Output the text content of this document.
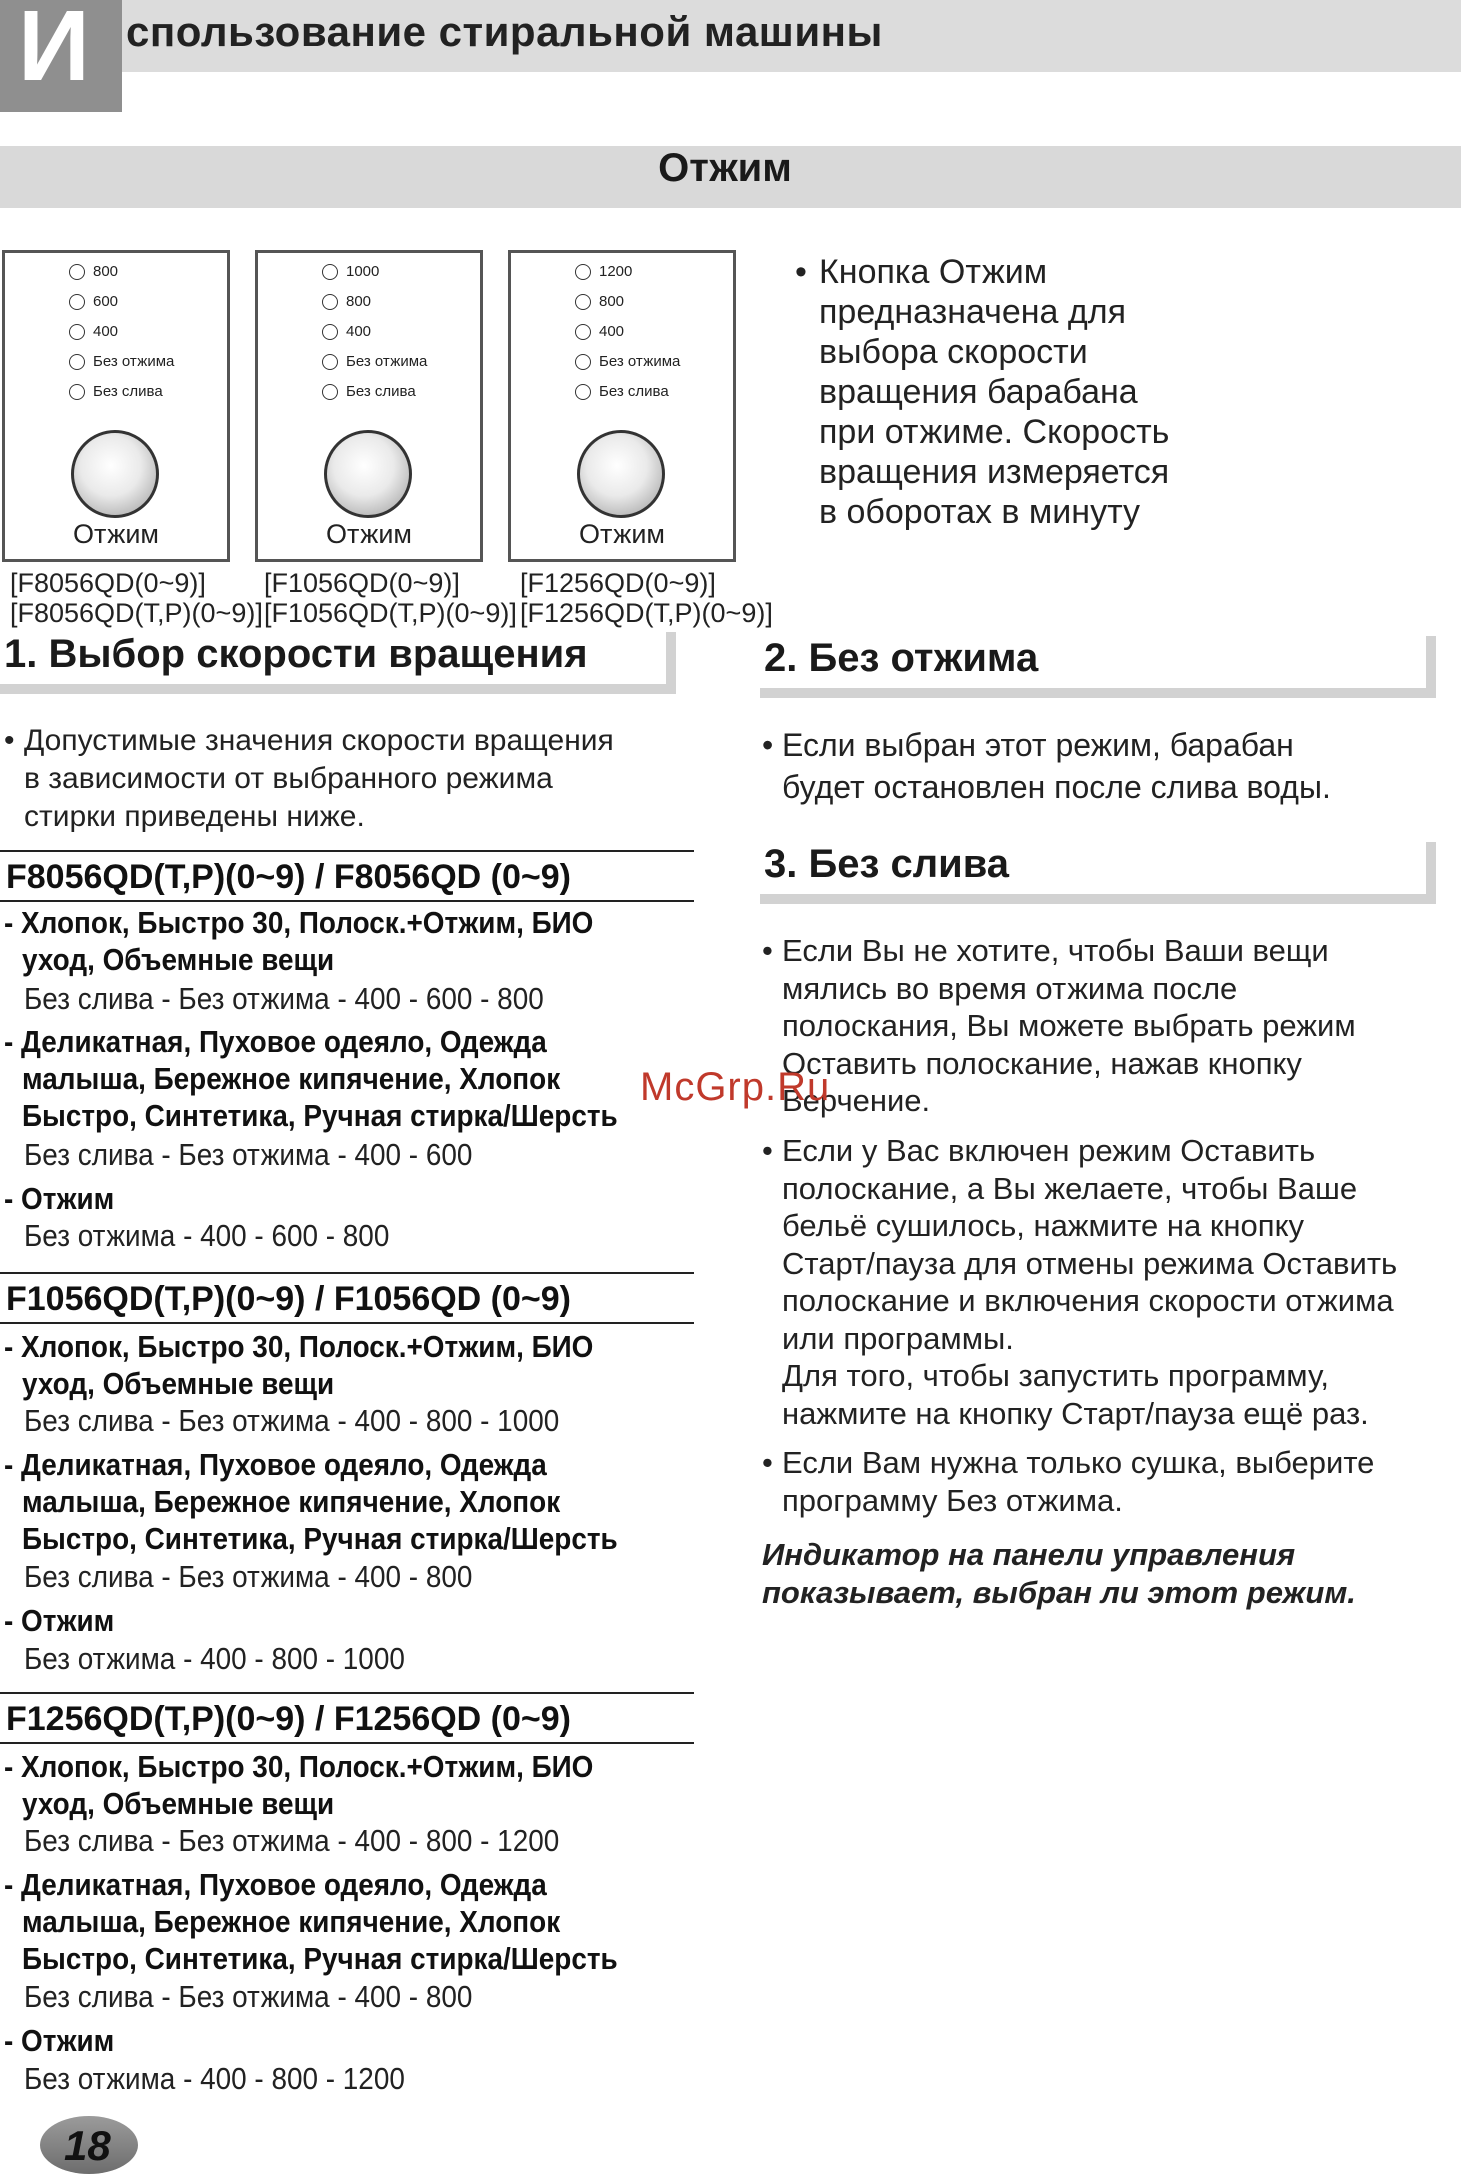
И спользование стиральной машины
Отжим
800
600
400
Без отжима
Без слива
Отжим
1000
800
400
Без отжима
Без слива
Отжим
1200
800
400
Без отжима
Без слива
Отжим
[F8056QD(0~9)]
[F8056QD(T,P)(0~9)]
[F1056QD(0~9)]
[F1056QD(T,P)(0~9)]
[F1256QD(0~9)]
[F1256QD(T,P)(0~9)]
• Кнопка Отжим
предназначена для
выбора скорости
вращения барабана
при отжиме. Скорость
вращения измеряется
в оборотах в минуту
1. Выбор скорости вращения
• Допустимые значения скорости вращения
в зависимости от выбранного режима
стирки приведены ниже.
F8056QD(T,P)(0~9) / F8056QD (0~9)
- Хлопок, Быстро 30, Полоск.+Отжим, БИО
уход, Объемные вещи
Без слива - Без отжима - 400 - 600 - 800
- Деликатная, Пуховое одеяло, Одежда
малыша, Бережное кипячение, Хлопок
Быстро, Синтетика, Ручная стирка/Шерсть
Без слива - Без отжима - 400 - 600
- Отжим
Без отжима - 400 - 600 - 800
F1056QD(T,P)(0~9) / F1056QD (0~9)
- Хлопок, Быстро 30, Полоск.+Отжим, БИО
уход, Объемные вещи
Без слива - Без отжима - 400 - 800 - 1000
- Деликатная, Пуховое одеяло, Одежда
малыша, Бережное кипячение, Хлопок
Быстро, Синтетика, Ручная стирка/Шерсть
Без слива - Без отжима - 400 - 800
- Отжим
Без отжима - 400 - 800 - 1000
F1256QD(T,P)(0~9) / F1256QD (0~9)
- Хлопок, Быстро 30, Полоск.+Отжим, БИО
уход, Объемные вещи
Без слива - Без отжима - 400 - 800 - 1200
- Деликатная, Пуховое одеяло, Одежда
малыша, Бережное кипячение, Хлопок
Быстро, Синтетика, Ручная стирка/Шерсть
Без слива - Без отжима - 400 - 800
- Отжим
Без отжима - 400 - 800 - 1200
2. Без отжима
• Если выбран этот режим, барабан
будет остановлен после слива воды.
3. Без слива
• Если Вы не хотите, чтобы Ваши вещи
мялись во время отжима после
полоскания, Вы можете выбрать режим
Оставить полоскание, нажав кнопку
Верчение.
• Если у Вас включен режим Оставить
полоскание, а Вы желаете, чтобы Ваше
бельё сушилось, нажмите на кнопку
Старт/пауза для отмены режима Оставить
полоскание и включения скорости отжима
или программы.
Для того, чтобы запустить программу,
нажмите на кнопку Старт/пауза ещё раз.
• Если Вам нужна только сушка, выберите
программу Без отжима.
Индикатор на панели управления
показывает, выбран ли этот режим.
McGrp.Ru
18
